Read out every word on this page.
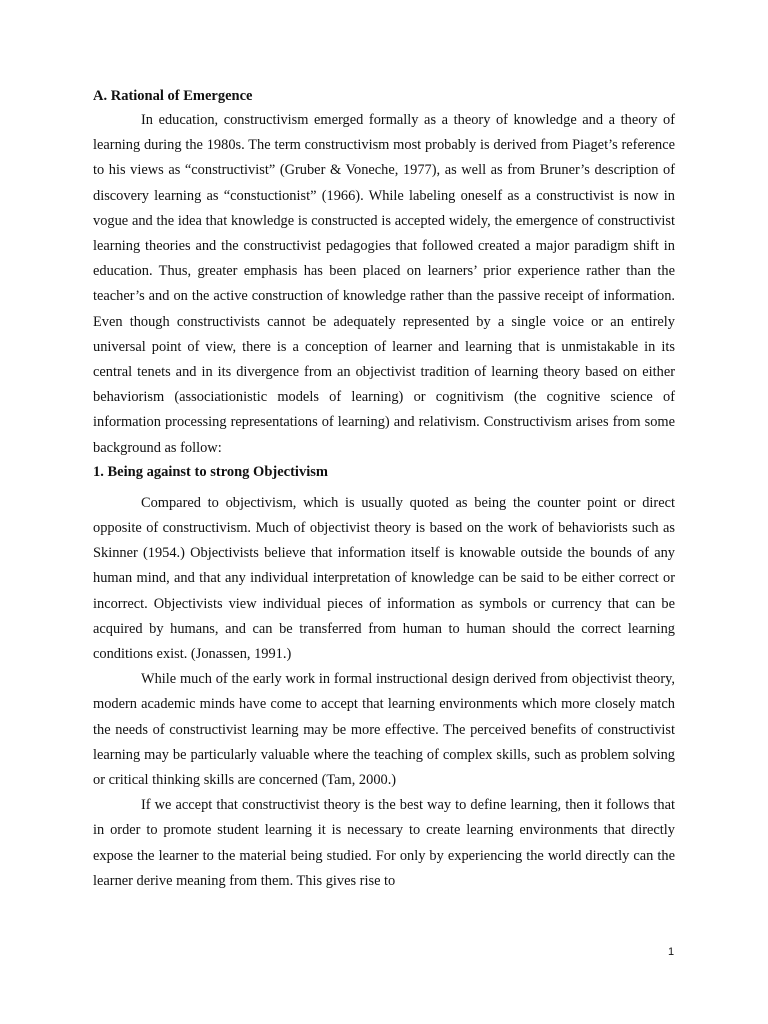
A. Rational of Emergence

In education, constructivism emerged formally as a theory of knowledge and a theory of learning during the 1980s. The term constructivism most probably is derived from Piaget’s reference to his views as “constructivist” (Gruber & Voneche, 1977), as well as from Bruner’s description of discovery learning as “constuctionist” (1966). While labeling oneself as a constructivist is now in vogue and the idea that knowledge is constructed is accepted widely, the emergence of constructivist learning theories and the constructivist pedagogies that followed created a major paradigm shift in education. Thus, greater emphasis has been placed on learners’ prior experience rather than the teacher’s and on the active construction of knowledge rather than the passive receipt of information. Even though constructivists cannot be adequately represented by a single voice or an entirely universal point of view, there is a conception of learner and learning that is unmistakable in its central tenets and in its divergence from an objectivist tradition of learning theory based on either behaviorism (associationistic models of learning) or cognitivism (the cognitive science of information processing representations of learning) and relativism. Constructivism arises from some background as follow:

1. Being against to strong Objectivism

Compared to objectivism, which is usually quoted as being the counter point or direct opposite of constructivism. Much of objectivist theory is based on the work of behaviorists such as Skinner (1954.) Objectivists believe that information itself is knowable outside the bounds of any human mind, and that any individual interpretation of knowledge can be said to be either correct or incorrect. Objectivists view individual pieces of information as symbols or currency that can be acquired by humans, and can be transferred from human to human should the correct learning conditions exist. (Jonassen, 1991.)

While much of the early work in formal instructional design derived from objectivist theory, modern academic minds have come to accept that learning environments which more closely match the needs of constructivist learning may be more effective. The perceived benefits of constructivist learning may be particularly valuable where the teaching of complex skills, such as problem solving or critical thinking skills are concerned (Tam, 2000.)

If we accept that constructivist theory is the best way to define learning, then it follows that in order to promote student learning it is necessary to create learning environments that directly expose the learner to the material being studied. For only by experiencing the world directly can the learner derive meaning from them. This gives rise to

1
